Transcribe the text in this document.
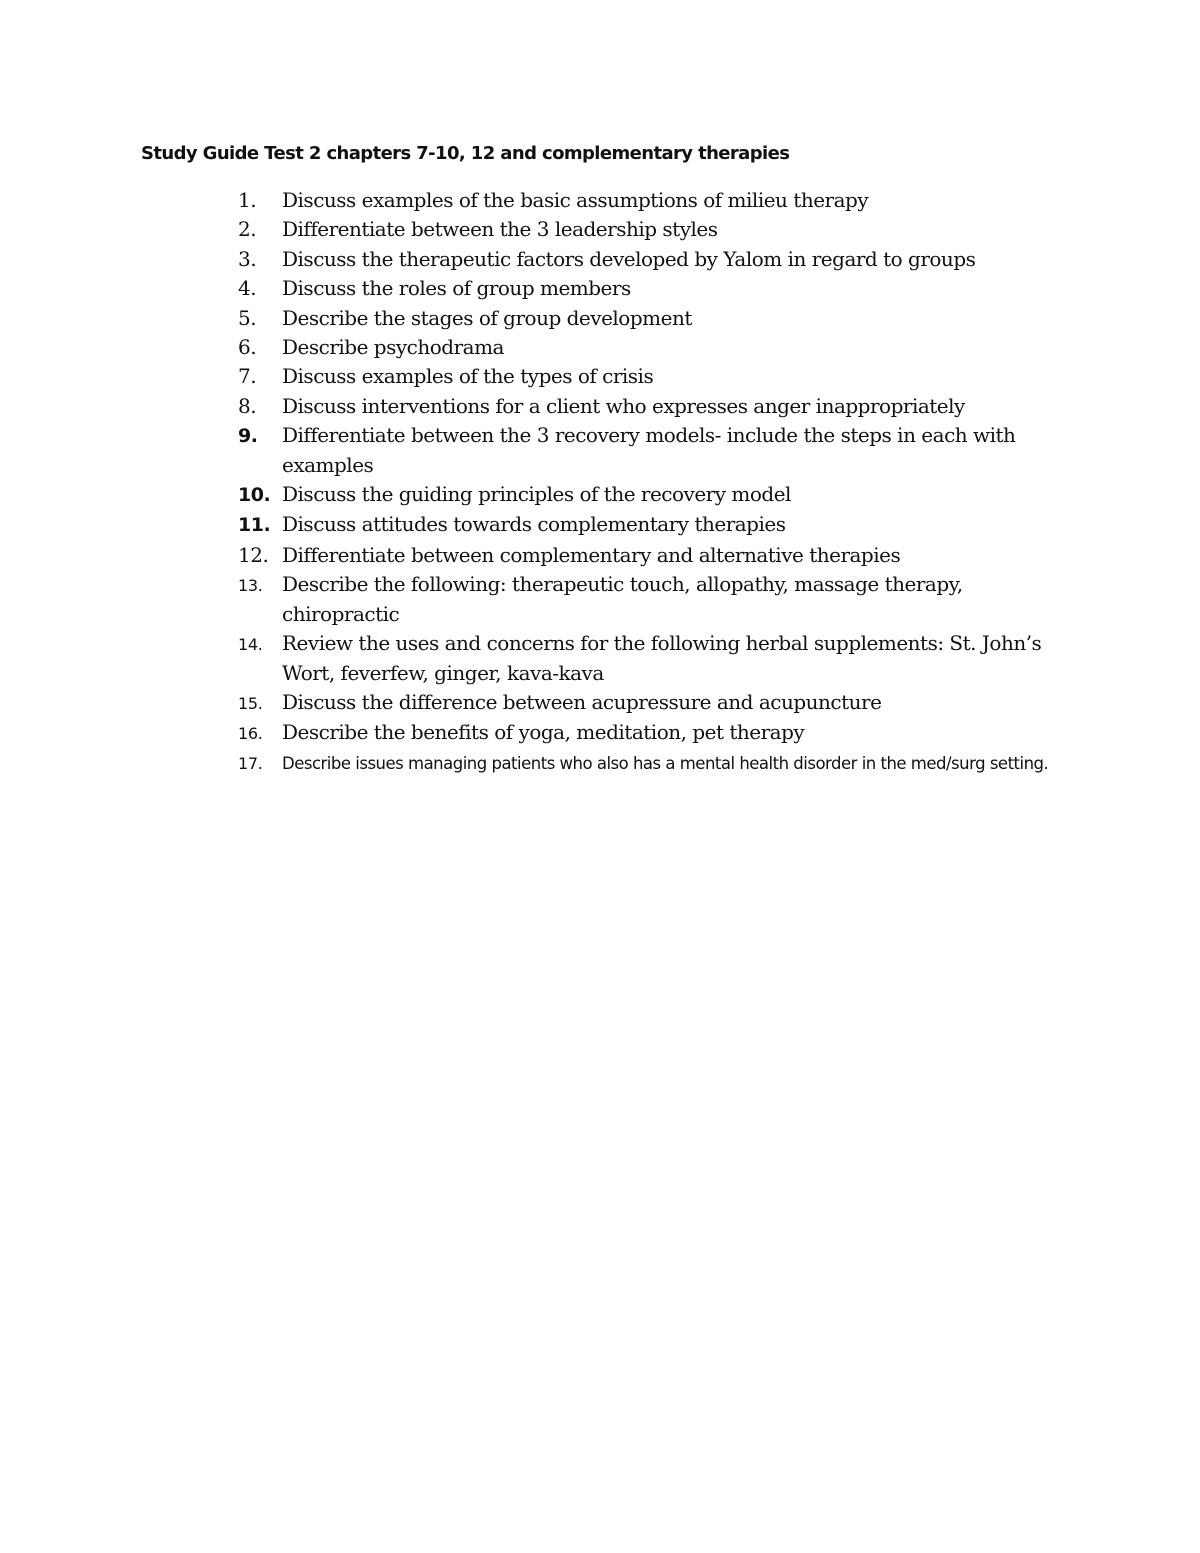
Study Guide Test 2 chapters 7-10, 12 and complementary therapies
1.	Discuss examples of the basic assumptions of milieu therapy
2.	Differentiate between the 3 leadership styles
3.	Discuss the therapeutic factors developed by Yalom in regard to groups
4.	Discuss the roles of group members
5.	Describe the stages of group development
6.	Describe psychodrama
7.	Discuss examples of the types of crisis
8.	Discuss interventions for a client who expresses anger inappropriately
9.	Differentiate between the 3 recovery models- include the steps in each with examples
10. Discuss the guiding principles of the recovery model
11. Discuss attitudes towards complementary therapies
12. Differentiate between complementary and alternative therapies
13. Describe the following: therapeutic touch, allopathy, massage therapy, chiropractic
14. Review the uses and concerns for the following herbal supplements: St. John’s Wort, feverfew, ginger, kava-kava
15. Discuss the difference between acupressure and acupuncture
16. Describe the benefits of yoga, meditation, pet therapy
17.	Describe issues managing patients who also has a mental health disorder in the med/surg setting.
